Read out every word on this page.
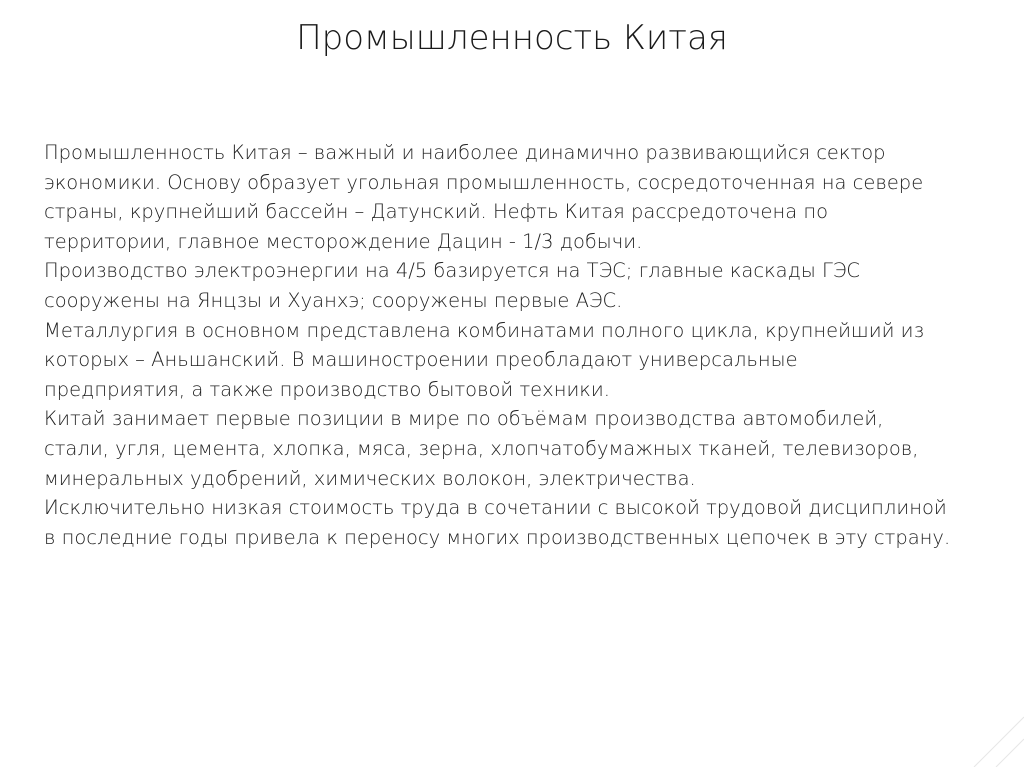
Промышленность Китая
Промышленность Китая – важный и наиболее динамично развивающийся сектор
экономики. Основу образует угольная промышленность, сосредоточенная на севере
страны, крупнейший бассейн – Датунский. Нефть Китая рассредоточена по
территории, главное месторождение Дацин - 1/3 добычи.
Производство электроэнергии на 4/5 базируется на ТЭС; главные каскады ГЭС
сооружены на Янцзы и Хуанхэ; сооружены первые АЭС.
Металлургия в основном представлена комбинатами полного цикла, крупнейший из
которых – Аньшанский. В машиностроении преобладают универсальные
предприятия, а также производство бытовой техники.
Китай занимает первые позиции в мире по объёмам производства автомобилей,
стали, угля, цемента, хлопка, мяса, зерна, хлопчатобумажных тканей, телевизоров,
минеральных удобрений, химических волокон, электричества.
Исключительно низкая стоимость труда в сочетании с высокой трудовой дисциплиной
в последние годы привела к переносу многих производственных цепочек в эту страну.
